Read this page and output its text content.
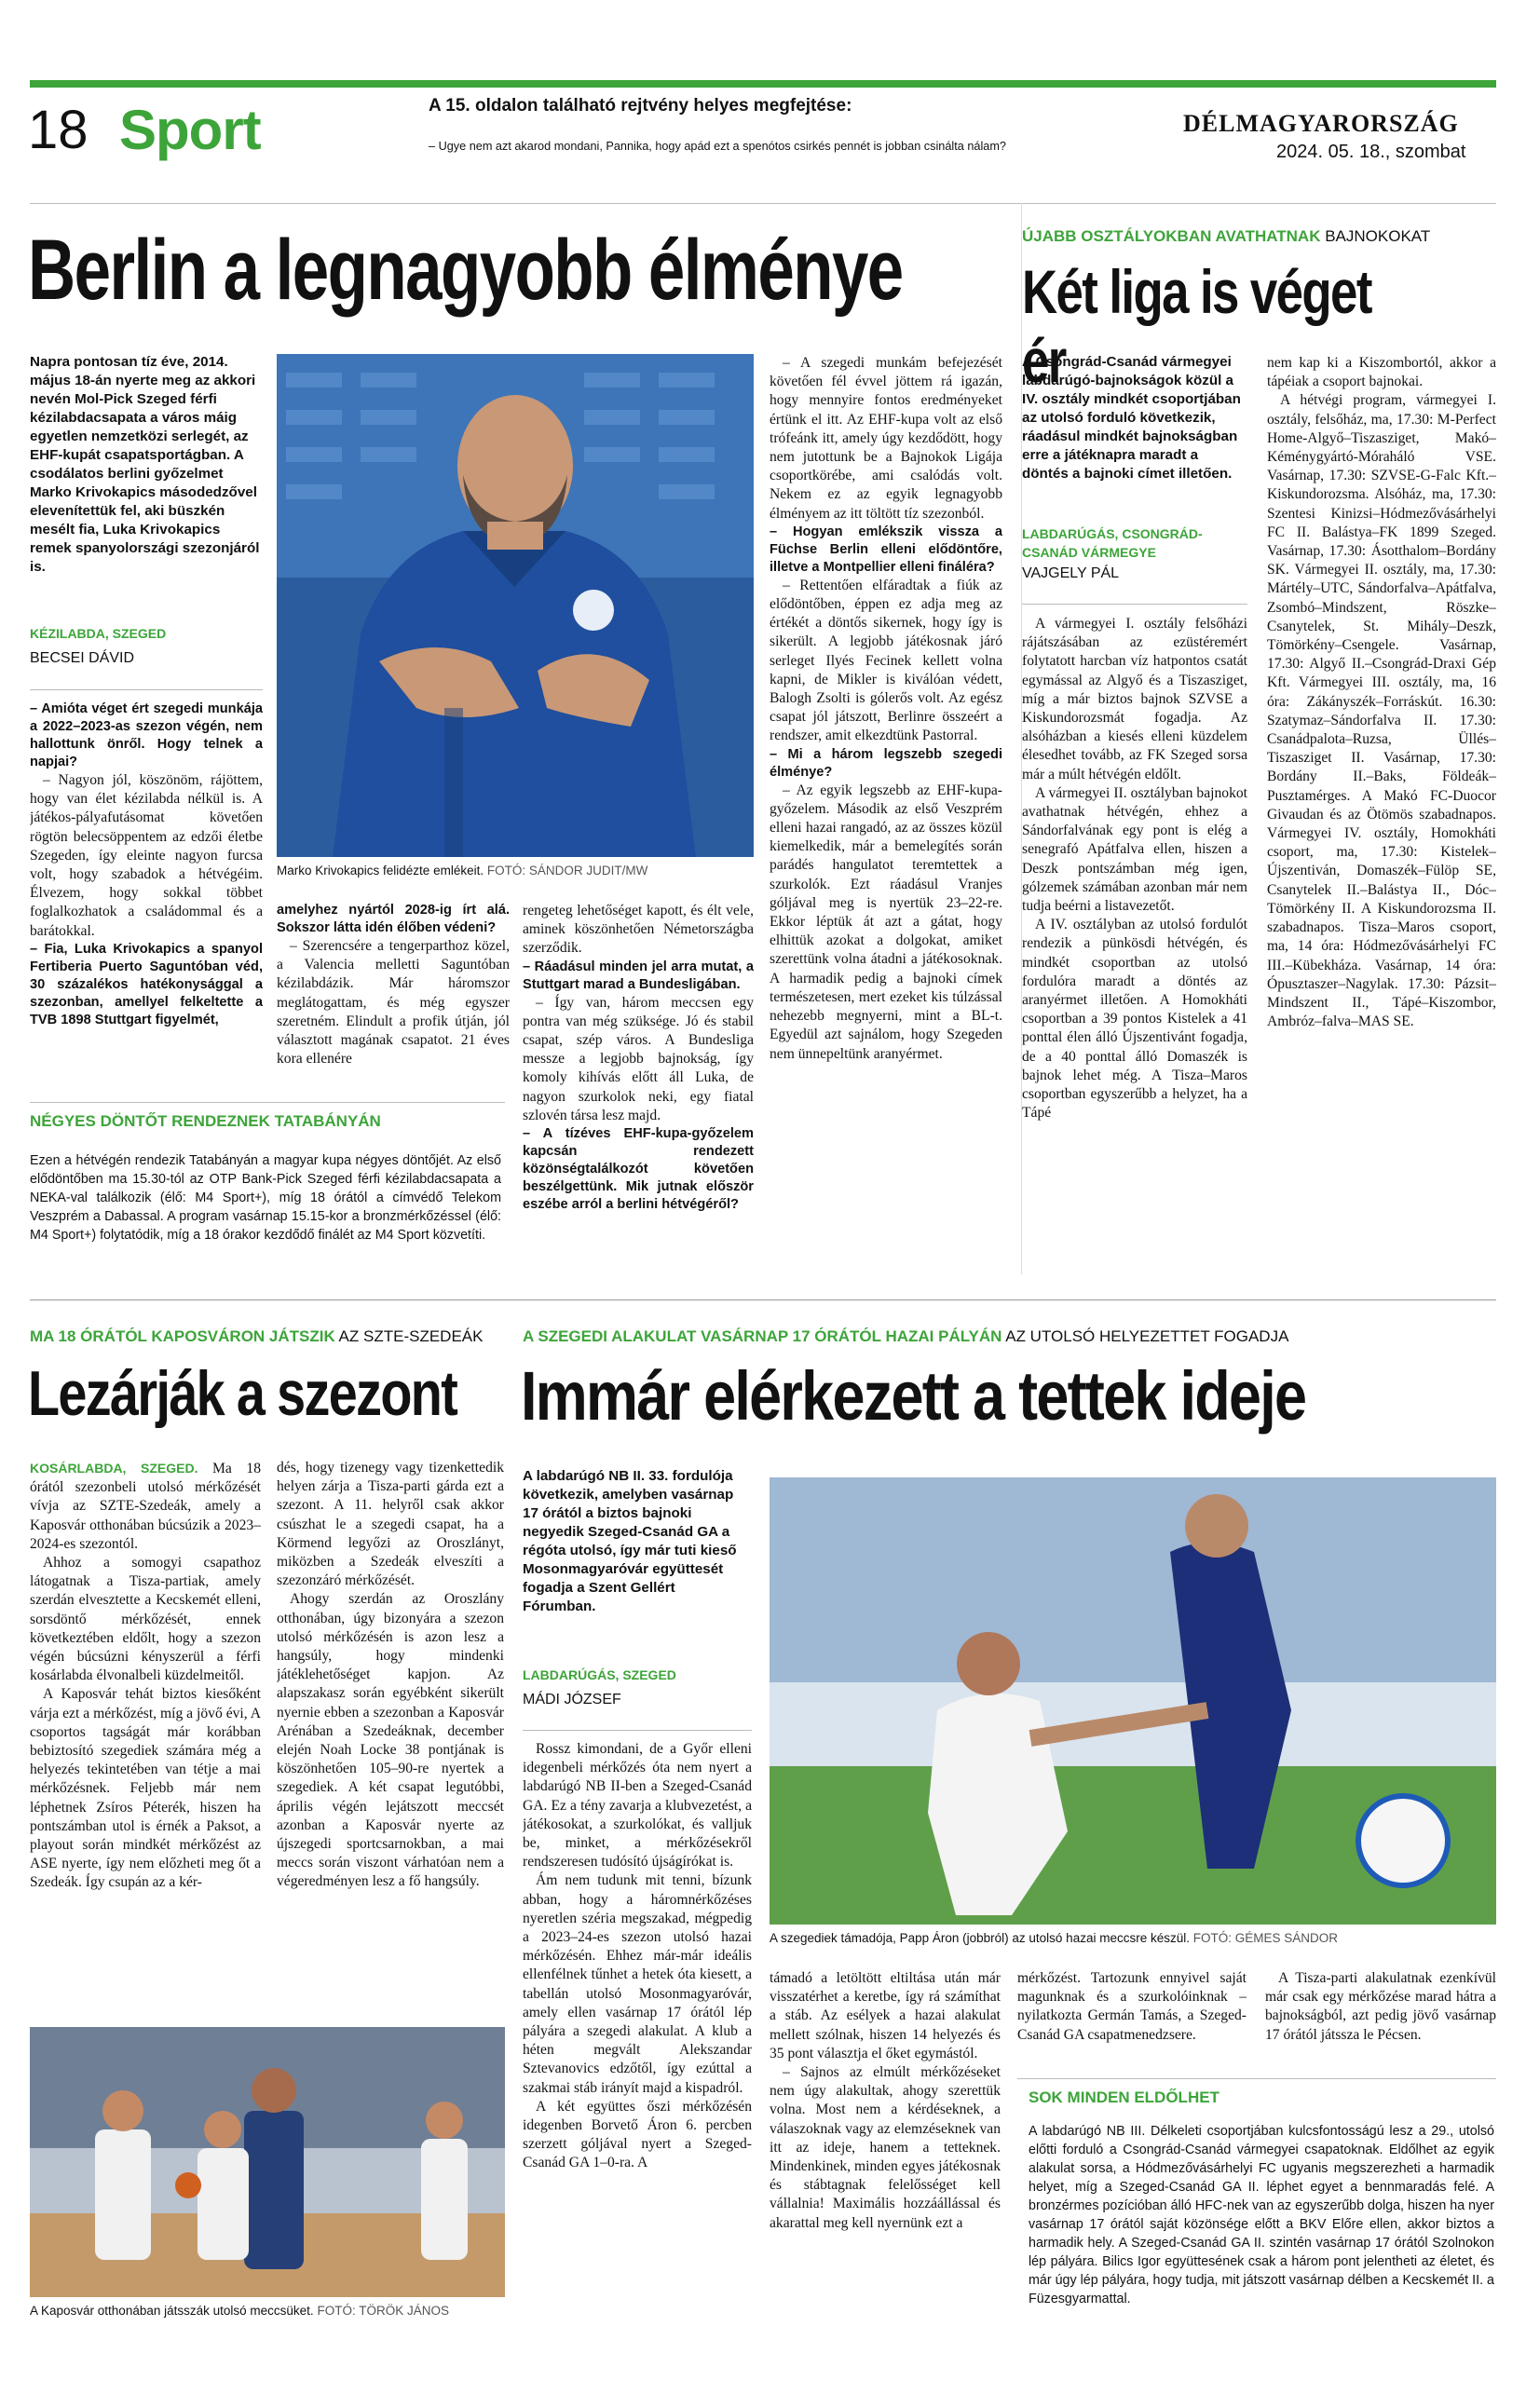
18 Sport	A 15. oldalon található rejtvény helyes megfejtése:
– Ugye nem azt akarod mondani, Pannika, hogy apád ezt a spenótos csirkés pennét is jobban csinálta nálam?
DÉLMAGYARORSZÁG
2024. 05. 18., szombat
Berlin a legnagyobb élménye
Napra pontosan tíz éve, 2014. május 18-án nyerte meg az akkori nevén Mol-Pick Szeged férfi kézilabdacsapata a város máig egyetlen nemzetközi serlegét, az EHF-kupát csapatsportágban. A csodálatos berlini győzelmet Marko Krivokapics másodedzővel elevenítettük fel, aki büszkén mesélt fia, Luka Krivokapics remek spanyolországi szezonjáról is.
KÉZILABDA, SZEGED
BECSEI DÁVID
Marko Krivokapics felidézte emlékeit. FOTÓ: SÁNDOR JUDIT/MW

– Amióta véget ért szegedi munkája a 2022–2023-as szezon végén, nem hallottunk önről. Hogy telnek a napjai?

– Nagyon jól, köszönöm, rájöttem, hogy van élet kézilabda nélkül is. A játékos-pályafutásomat követően rögtön belecsöppentem az edzői életbe Szegeden, így eleinte nagyon furcsa volt, hogy szabadok a hétvégéim. Élvezem, hogy sokkal többet foglalkozhatok a családommal és a barátokkal.

– Fia, Luka Krivokapics a spanyol Fertiberia Puerto Saguntóban véd, 30 százalékos hatékonysággal a szezonban, amellyel felkeltette a TVB 1898 Stuttgart figyelmét,

amelyhez nyártól 2028-ig írt alá. Sokszor látta idén élőben védeni?

– Szerencsére a tengerparthoz közel, a Valencia melletti Saguntóban kézilabdázik. Már háromszor meglátogattam, és még egyszer szeretném. Elindult a profik útján, jól választott magának csapatot. 21 éves kora ellenére

rengeteg lehetőséget kapott, és élt vele, aminek köszönhetően Németországba szerződik.

– Ráadásul minden jel arra mutat, a Stuttgart marad a Bundesligában.

– Így van, három meccsen egy pontra van még szüksége. Jó és stabil csapat, szép város. A Bundesliga messze a legjobb bajnokság, így komoly kihívás előtt áll Luka, de nagyon szurkolok neki, egy fiatal szlovén társa lesz majd.

– A tízéves EHF-kupa-győzelem kapcsán rendezett közönségtalálkozót követően beszélgettünk. Mik jutnak először eszébe arról a berlini hétvégéről?

– A szegedi munkám befejezését követően fél évvel jöttem rá igazán, hogy mennyire fontos eredményeket értünk el itt. Az EHF-kupa volt az első trófeánk itt, amely úgy kezdődött, hogy nem jutottunk be a Bajnokok Ligája csoportkörébe, ami csalódás volt. Nekem ez az egyik legnagyobb élményem az itt töltött tíz szezonból.

– Hogyan emlékszik vissza a Füchse Berlin elleni elődöntőre, illetve a Montpellier elleni fináléra?

– Rettentően elfáradtak a fiúk az elődöntőben, éppen ez adja meg az értékét a döntős sikernek, hogy így is sikerült. A legjobb játékosnak járó serleget Ilyés Fecinek kellett volna kapni, de Mikler is kiválóan védett, Balogh Zsolti is gólerős volt. Az egész csapat jól játszott, Berlinre összeért a rendszer, amit elkezdtünk Pastorral.

– Mi a három legszebb szegedi élménye?

– Az egyik legszebb az EHF-kupa-győzelem. Második az első Veszprém elleni hazai rangadó, az az összes közül kiemelkedik, már a bemelegítés során parádés hangulatot teremtettek a szurkolók. Ezt ráadásul Vranjes góljával meg is nyertük 23–22-re. Ekkor léptük át azt a gátat, hogy elhittük azokat a dolgokat, amiket szerettünk volna átadni a játékosoknak. A harmadik pedig a bajnoki címek természetesen, mert ezeket kis túlzással nehezebb megnyerni, mint a BL-t. Egyedül azt sajnálom, hogy Szegeden nem ünnepeltünk aranyérmet.

NÉGYES DÖNTŐT RENDEZNEK TATABÁNYÁN
Ezen a hétvégén rendezik Tatabányán a magyar kupa négyes döntőjét. Az első elődöntőben ma 15.30-tól az OTP Bank-Pick Szeged férfi kézilabdacsapata a NEKA-val találkozik (élő: M4 Sport+), míg 18 órától a címvédő Telekom Veszprém a Dabassal. A program vasárnap 15.15-kor a bronzmérkőzéssel (élő: M4 Sport+) folytatódik, míg a 18 órakor kezdődő finálét az M4 Sport közvetíti.
ÚJABB OSZTÁLYOKBAN AVATHATNAK BAJNOKOKAT
Két liga is véget ér
A Csongrád-Csanád vármegyei labdarúgó-bajnokságok közül a IV. osztály mindkét csoportjában az utolsó forduló következik, ráadásul mindkét bajnokságban erre a játéknapra maradt a döntés a bajnoki címet illetően.
LABDARÚGÁS, CSONGRÁD-CSANÁD VÁRMEGYE
VAJGELY PÁL

A vármegyei I. osztály felsőházi rájátszásában az ezüstéremért folytatott harcban víz hatpontos csatát egymással az Algyő és a Tiszasziget, míg a már biztos bajnok SZVSE a Kiskundorozsmát fogadja. Az alsóházban a kiesés elleni küzdelem élesedhet tovább, az FK Szeged sorsa már a múlt hétvégén eldőlt.

A vármegyei II. osztályban bajnokot avathatnak hétvégén, ehhez a Sándorfalvának egy pont is elég a senegrafó Apátfalva ellen, hiszen a Deszk pontszámban még igen, gólzemek számában azonban már nem tudja beérni a listavezetőt.

A IV. osztályban az utolsó fordulót rendezik a pünkösdi hétvégén, és mindkét csoportban az utolsó fordulóra maradt a döntés az aranyérmet illetően. A Homokháti csoportban a 39 pontos Kistelek a 41 ponttal élen álló Újszentivánt fogadja, de a 40 ponttal álló Domaszék is bajnok lehet még. A Tisza–Maros csoportban egyszerűbb a helyzet, ha a Tápé

nem kap ki a Kiszombortól, akkor a tápéiak a csoport bajnokai.

A hétvégi program, vármegyei I. osztály, felsőház, ma, 17.30: M-Perfect Home-Algyő–Tiszasziget, Makó–Kéménygyártó-Móraháló VSE. Vasárnap, 17.30: SZVSE-G-Falc Kft.–Kiskundorozsma. Alsóház, ma, 17.30: Szentesi Kinizsi–Hódmezővásárhelyi FC II. Balástya–FK 1899 Szeged. Vasárnap, 17.30: Ásotthalom–Bordány SK. Vármegyei II. osztály, ma, 17.30: Mártély–UTC, Sándorfalva–Apátfalva, Zsombó–Mindszent, Röszke–Csanytelek, St. Mihály–Deszk, Tömörkény–Csengele. Vasárnap, 17.30: Algyő II.–Csongrád-Draxi Gép Kft. Vármegyei III. osztály, ma, 16 óra: Zákányszék–Forráskút. 16.30: Szatymaz–Sándorfalva II. 17.30: Csanádpalota–Ruzsa, Üllés–Tiszasziget II. Vasárnap, 17.30: Bordány II.–Baks, Földeák–Pusztamérges. A Makó FC-Duocor Givaudan és az Ötömös szabadnapos. Vármegyei IV. osztály, Homokháti csoport, ma, 17.30: Kistelek–Újszentiván, Domaszék–Fülöp SE, Csanytelek II.–Balástya II., Dóc–Tömörkény II. A Kiskundorozsma II. szabadnapos. Tisza–Maros csoport, ma, 14 óra: Hódmezővásárhelyi FC III.–Kübekháza. Vasárnap, 14 óra: Ópusztaszer–Nagylak. 17.30: Pázsit–Mindszent II., Tápé–Kiszombor, Ambróz–falva–MAS SE.

MA 18 ÓRÁTÓL KAPOSVÁRON JÁTSZIK AZ SZTE-SZEDEÁK
Lezárják a szezont

KOSÁRLABDA, SZEGED. Ma 18 órától szezonbeli utolsó mérkőzését vívja az SZTE-Szedeák, amely a Kaposvár otthonában búcsúzik a 2023–2024-es szezontól.

Ahhoz a somogyi csapathoz látogatnak a Tisza-partiak, amely szerdán elvesztette a Kecskemét elleni, sorsdöntő mérkőzését, ennek következtében eldőlt, hogy a szezon végén búcsúzni kényszerül a férfi kosárlabda élvonalbeli küzdelmeitől.

A Kaposvár tehát biztos kiesőként várja ezt a mérkőzést, míg a jövő évi, A csoportos tagságát már korábban bebiztosító szegediek számára még a helyezés tekintetében van tétje a mai mérkőzésnek. Feljebb már nem léphetnek Zsíros Péterék, hiszen ha pontszámban utol is érnék a Paksot, a playout során mindkét mérkőzést az ASE nyerte, így nem előzheti meg őt a Szedeák. Így csupán az a kér-

dés, hogy tizenegy vagy tizenkettedik helyen zárja a Tisza-parti gárda ezt a szezont. A 11. helyről csak akkor csúszhat le a szegedi csapat, ha a Körmend legyőzi az Oroszlányt, miközben a Szedeák elveszíti a szezonzáró mérkőzését.

Ahogy szerdán az Oroszlány otthonában, úgy bizonyára a szezon utolsó mérkőzésén is azon lesz a hangsúly, hogy mindenki játéklehetőséget kapjon. Az alapszakasz során egyébként sikerült nyernie ebben a szezonban a Kaposvár Arénában a Szedeáknak, december elején Noah Locke 38 pontjának is köszönhetően 105–90-re nyertek a szegediek. A két csapat legutóbbi, április végén lejátszott meccsét azonban a Kaposvár nyerte az újszegedi sportcsarnokban, a mai meccs során viszont várhatóan nem a végeredményen lesz a fő hangsúly.

A Kaposvár otthonában játsszák utolsó meccsüket. FOTÓ: TÖRÖK JÁNOS
A SZEGEDI ALAKULAT VASÁRNAP 17 ÓRÁTÓL HAZAI PÁLYÁN AZ UTOLSÓ HELYEZETTET FOGADJA
Immár elérkezett a tettek ideje
A labdarúgó NB II. 33. fordulója következik, amelyben vasárnap 17 órától a biztos bajnoki negyedik Szeged-Csanád GA a régóta utolsó, így már tuti kieső Mosonmagyaróvár együttesét fogadja a Szent Gellért Fórumban.
LABDARÚGÁS, SZEGED
MÁDI JÓZSEF

Rossz kimondani, de a Győr elleni idegenbeli mérkőzés óta nem nyert a labdarúgó NB II-ben a Szeged-Csanád GA. Ez a tény zavarja a klubvezetést, a játékosokat, a szurkolókat, és valljuk be, minket, a mérkőzésekről rendszeresen tudósító újságírókat is.

Ám nem tudunk mit tenni, bízunk abban, hogy a háromnérkőzéses nyeretlen széria megszakad, mégpedig a 2023–24-es szezon utolsó hazai mérkőzésén. Ehhez már-már ideális ellenfélnek tűnhet a hetek óta kiesett, a tabellán utolsó Mosonmagyaróvár, amely ellen vasárnap 17 órától lép pályára a szegedi alakulat. A klub a héten megvált Alekszandar Sztevanovics edzőtől, így ezúttal a szakmai stáb irányít majd a kispadról.

A két együttes őszi mérkőzésén idegenben Borvető Áron 6. percben szerzett góljával nyert a Szeged-Csanád GA 1–0-ra. A

A szegediek támadója, Papp Áron (jobbról) az utolsó hazai meccsre készül. FOTÓ: GÉMES SÁNDOR

támadó a letöltött eltiltása után már visszatérhet a keretbe, így rá számíthat a stáb. Az esélyek a hazai alakulat mellett szólnak, hiszen 14 helyezés és 35 pont választja el őket egymástól.

– Sajnos az elmúlt mérkőzéseket nem úgy alakultak, ahogy szerettük volna. Most nem a kérdéseknek, a válaszoknak vagy az elemzéseknek van itt az ideje, hanem a tetteknek. Mindenkinek, minden egyes játékosnak és stábtagnak felelősséget kell vállalnia! Maximális hozzáállással és akarattal meg kell nyernünk ezt a

mérkőzést. Tartozunk ennyivel saját magunknak és a szurkolóinknak – nyilatkozta Germán Tamás, a Szeged-Csanád GA csapatmenedzsere.

A Tisza-parti alakulatnak ezenkívül már csak egy mérkőzése marad hátra a bajnokságból, azt pedig jövő vasárnap 17 órától játssza le Pécsen.

SOK MINDEN ELDŐLHET
A labdarúgó NB III. Délkeleti csoportjában kulcsfontosságú lesz a 29., utolsó előtti forduló a Csongrád-Csanád vármegyei csapatoknak. Eldőlhet az egyik alakulat sorsa, a Hódmezővásárhelyi FC ugyanis megszerezheti a harmadik helyet, míg a Szeged-Csanád GA II. léphet egyet a bennmaradás felé. A bronzérmes pozícióban álló HFC-nek van az egyszerűbb dolga, hiszen ha nyer vasárnap 17 órától saját közönsége előtt a BKV Előre ellen, akkor biztos a harmadik hely. A Szeged-Csanád GA II. szintén vasárnap 17 órától Szolnokon lép pályára. Bilics Igor együttesének csak a három pont jelentheti az életet, és már úgy lép pályára, hogy tudja, mit játszott vasárnap délben a Kecskemét II. a Füzesgyarmattal.
